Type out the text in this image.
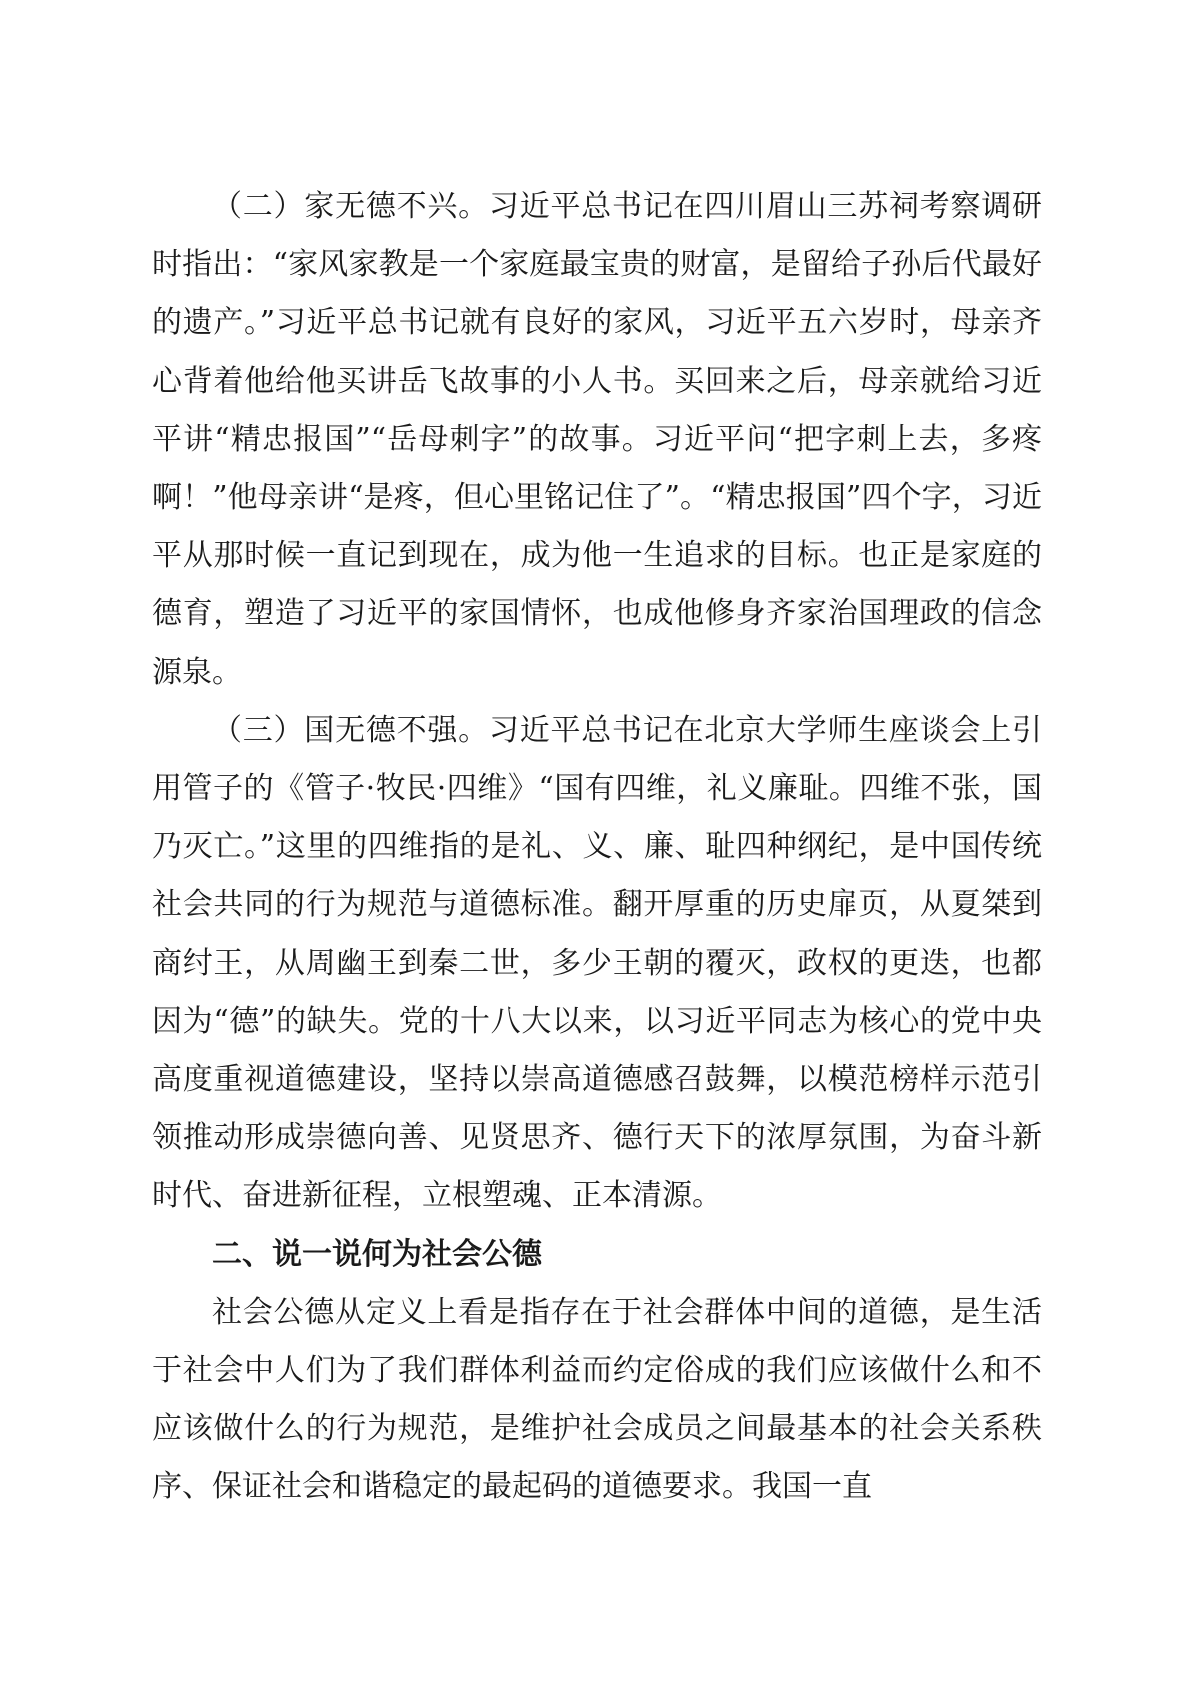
（二）家无德不兴。习近平总书记在四川眉山三苏祠考察调研时指出：“家风家教是一个家庭最宝贵的财富，是留给子孙后代最好的遗产。”习近平总书记就有良好的家风，习近平五六岁时，母亲齐心背着他给他买讲岳飞故事的小人书。买回来之后，母亲就给习近平讲“精忠报国”“岳母刺字”的故事。习近平问“把字刺上去，多疼啊！”他母亲讲“是疼，但心里铭记住了”。“精忠报国”四个字，习近平从那时候一直记到现在，成为他一生追求的目标。也正是家庭的德育，塑造了习近平的家国情怀，也成他修身齐家治国理政的信念源泉。

（三）国无德不强。习近平总书记在北京大学师生座谈会上引用管子的《管子·牧民·四维》“国有四维，礼义廉耻。四维不张，国乃灭亡。”这里的四维指的是礼、义、廉、耻四种纲纪，是中国传统社会共同的行为规范与道德标准。翻开厚重的历史扉页，从夏桀到商纣王，从周幽王到秦二世，多少王朝的覆灭，政权的更迭，也都因为“德”的缺失。党的十八大以来，以习近平同志为核心的党中央高度重视道德建设，坚持以崇高道德感召鼓舞，以模范榜样示范引领推动形成崇德向善、见贤思齐、德行天下的浓厚氛围，为奋斗新时代、奋进新征程，立根塑魂、正本清源。

二、说一说何为社会公德

社会公德从定义上看是指存在于社会群体中间的道德，是生活于社会中人们为了我们群体利益而约定俗成的我们应该做什么和不应该做什么的行为规范，是维护社会成员之间最基本的社会关系秩序、保证社会和谐稳定的最起码的道德要求。我国一直
